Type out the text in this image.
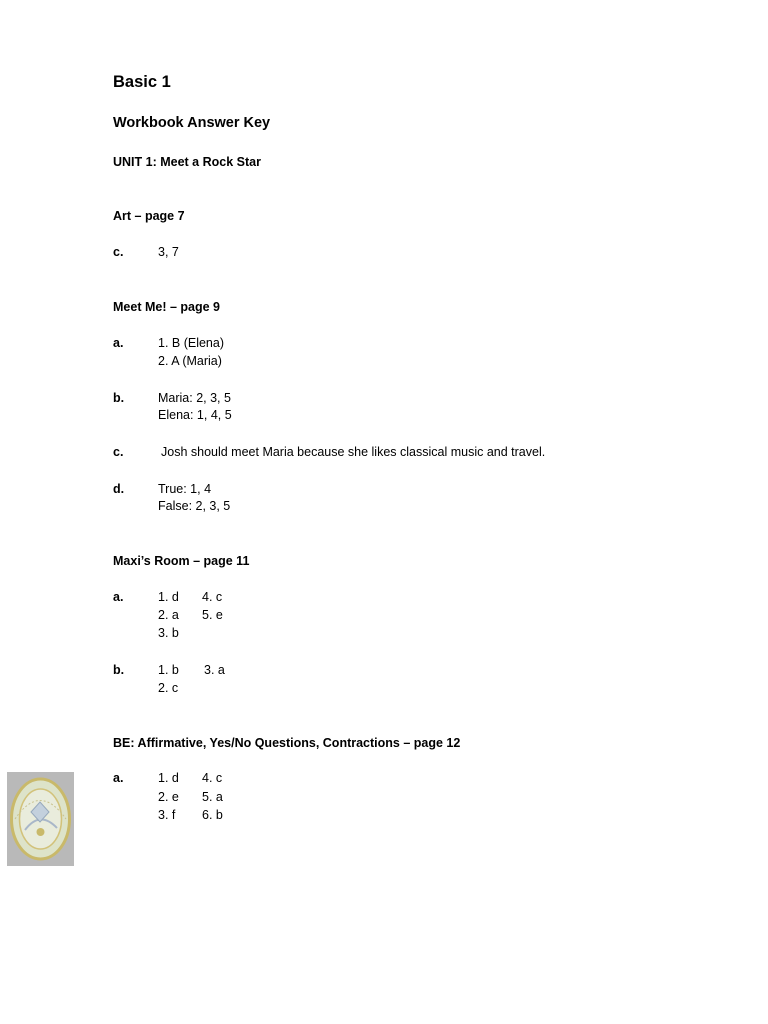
Basic 1
Workbook Answer Key
UNIT 1: Meet a Rock Star
Art – page 7
c.	3, 7
Meet Me! – page 9
a.	1. B (Elena)
2. A (Maria)
b.	Maria: 2, 3, 5
Elena: 1, 4, 5
c.	Josh should meet Maria because she likes classical music and travel.
d.	True: 1, 4
False: 2, 3, 5
Maxi’s Room – page 11
a.	1. d 4. c
2. a 5. e
3. b
b.	1. b 3. a
2. c
BE: Affirmative, Yes/No Questions, Contractions – page 12
a.	1. d 4. c
2. e 5. a
3. f 6. b
